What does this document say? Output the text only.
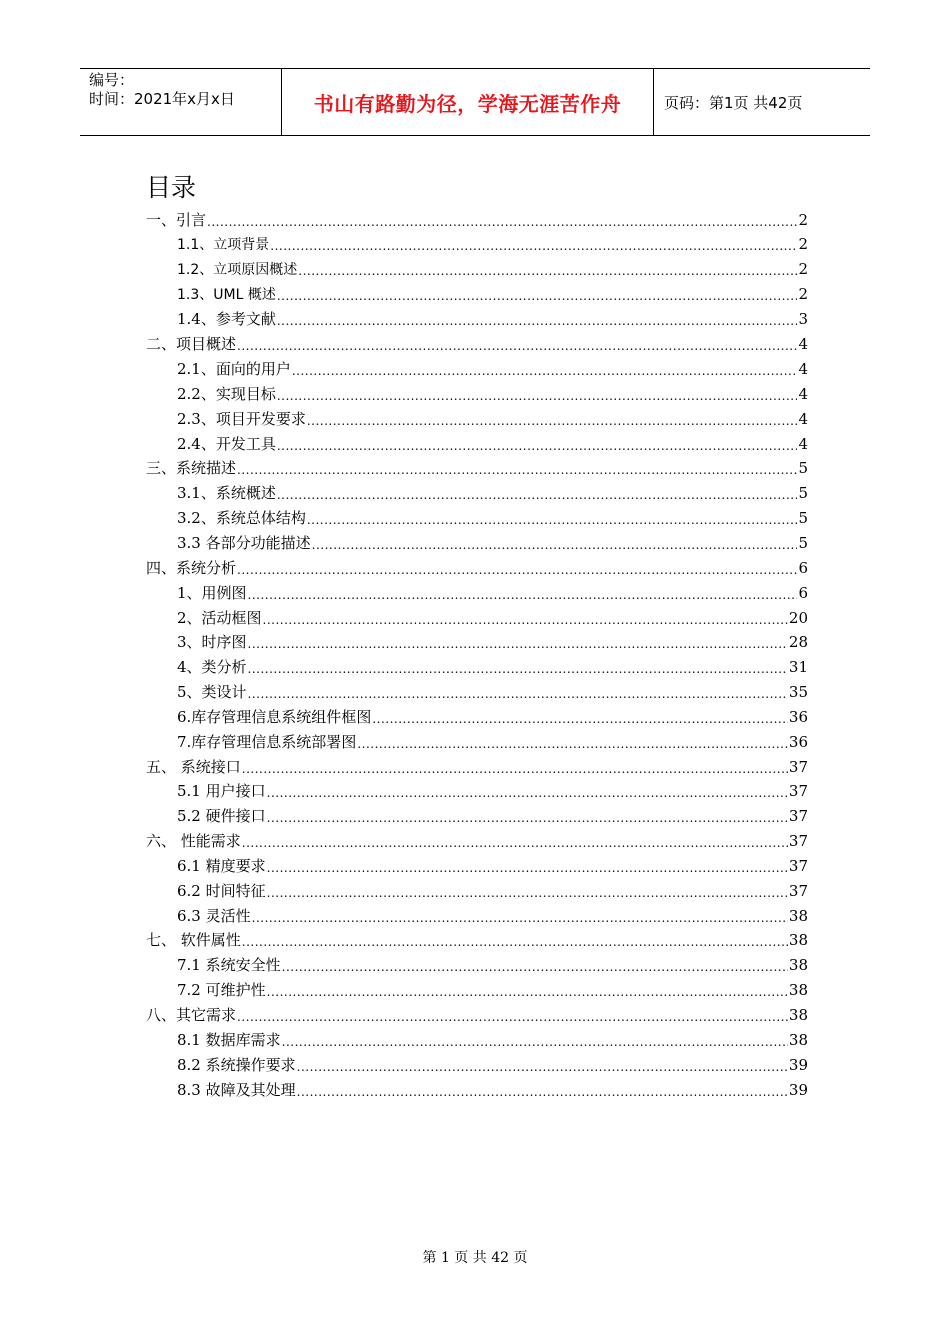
编号：
时间：2021年x月x日	书山有路勤为径，学海无涯苦作舟	页码：第1页 共42页
目录
一、引言 .....	2
1.1、立项背景 .....	2
1.2、立项原因概述 .....	2
1.3、UML 概述 .....	2
1.4、参考文献 .....	3
二、项目概述 .....	4
2.1、面向的用户 .....	4
2.2、实现目标 .....	4
2.3、项目开发要求 .....	4
2.4、开发工具 .....	4
三、系统描述 .....	5
3.1、系统概述 .....	5
3.2、系统总体结构 .....	5
3.3 各部分功能描述 .....	5
四、系统分析 .....	6
1、用例图 .....	6
2、活动框图 .....	20
3、时序图 .....	28
4、类分析 .....	31
5、类设计 .....	35
6.库存管理信息系统组件框图 .....	36
7.库存管理信息系统部署图 .....	36
五、 系统接口 .....	37
5.1 用户接口 .....	37
5.2 硬件接口 .....	37
六、 性能需求 .....	37
6.1 精度要求 .....	37
6.2 时间特征 .....	37
6.3 灵活性 .....	38
七、 软件属性 .....	38
7.1 系统安全性 .....	38
7.2 可维护性 .....	38
八、其它需求 .....	38
8.1 数据库需求 .....	38
8.2 系统操作要求 .....	39
8.3 故障及其处理 .....	39
第 1 页 共 42 页
